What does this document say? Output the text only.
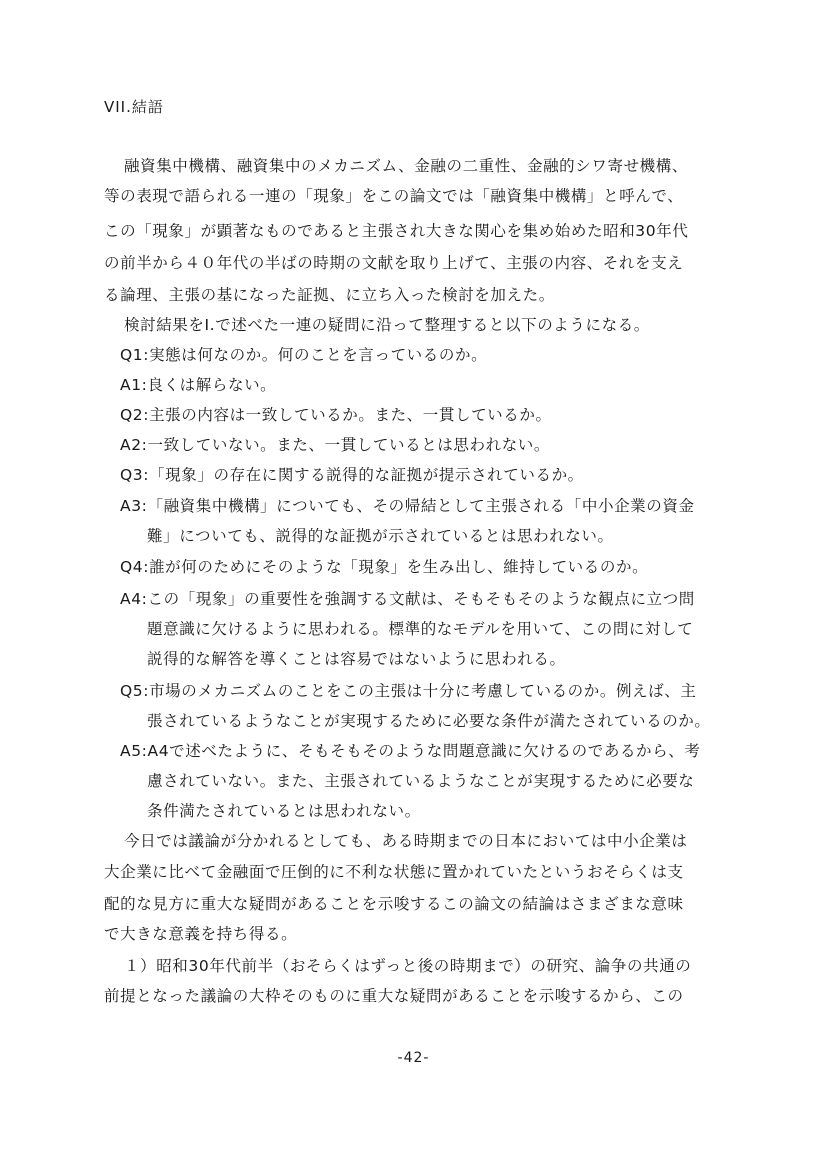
VII.結語
融資集中機構、融資集中のメカニズム、金融の二重性、金融的シワ寄せ機構、
等の表現で語られる一連の「現象」をこの論文では「融資集中機構」と呼んで、
この「現象」が顕著なものであると主張され大きな関心を集め始めた昭和30年代
の前半から４０年代の半ばの時期の文献を取り上げて、主張の内容、それを支え
る論理、主張の基になった証拠、に立ち入った検討を加えた。
検討結果をI.で述べた一連の疑問に沿って整理すると以下のようになる。
Q1:実態は何なのか。何のことを言っているのか。
A1:良くは解らない。
Q2:主張の内容は一致しているか。また、一貫しているか。
A2:一致していない。また、一貫しているとは思われない。
Q3:「現象」の存在に関する説得的な証拠が提示されているか。
A3:「融資集中機構」についても、その帰結として主張される「中小企業の資金
難」についても、説得的な証拠が示されているとは思われない。
Q4:誰が何のためにそのような「現象」を生み出し、維持しているのか。
A4:この「現象」の重要性を強調する文献は、そもそもそのような観点に立つ問
題意識に欠けるように思われる。標準的なモデルを用いて、この問に対して
説得的な解答を導くことは容易ではないように思われる。
Q5:市場のメカニズムのことをこの主張は十分に考慮しているのか。例えば、主
張されているようなことが実現するために必要な条件が満たされているのか。
A5:A4で述べたように、そもそもそのような問題意識に欠けるのであるから、考
慮されていない。また、主張されているようなことが実現するために必要な
条件満たされているとは思われない。
今日では議論が分かれるとしても、ある時期までの日本においては中小企業は
大企業に比べて金融面で圧倒的に不利な状態に置かれていたというおそらくは支
配的な見方に重大な疑問があることを示唆するこの論文の結論はさまざまな意味
で大きな意義を持ち得る。
１）昭和30年代前半（おそらくはずっと後の時期まで）の研究、論争の共通の
前提となった議論の大枠そのものに重大な疑問があることを示唆するから、この
-42-
